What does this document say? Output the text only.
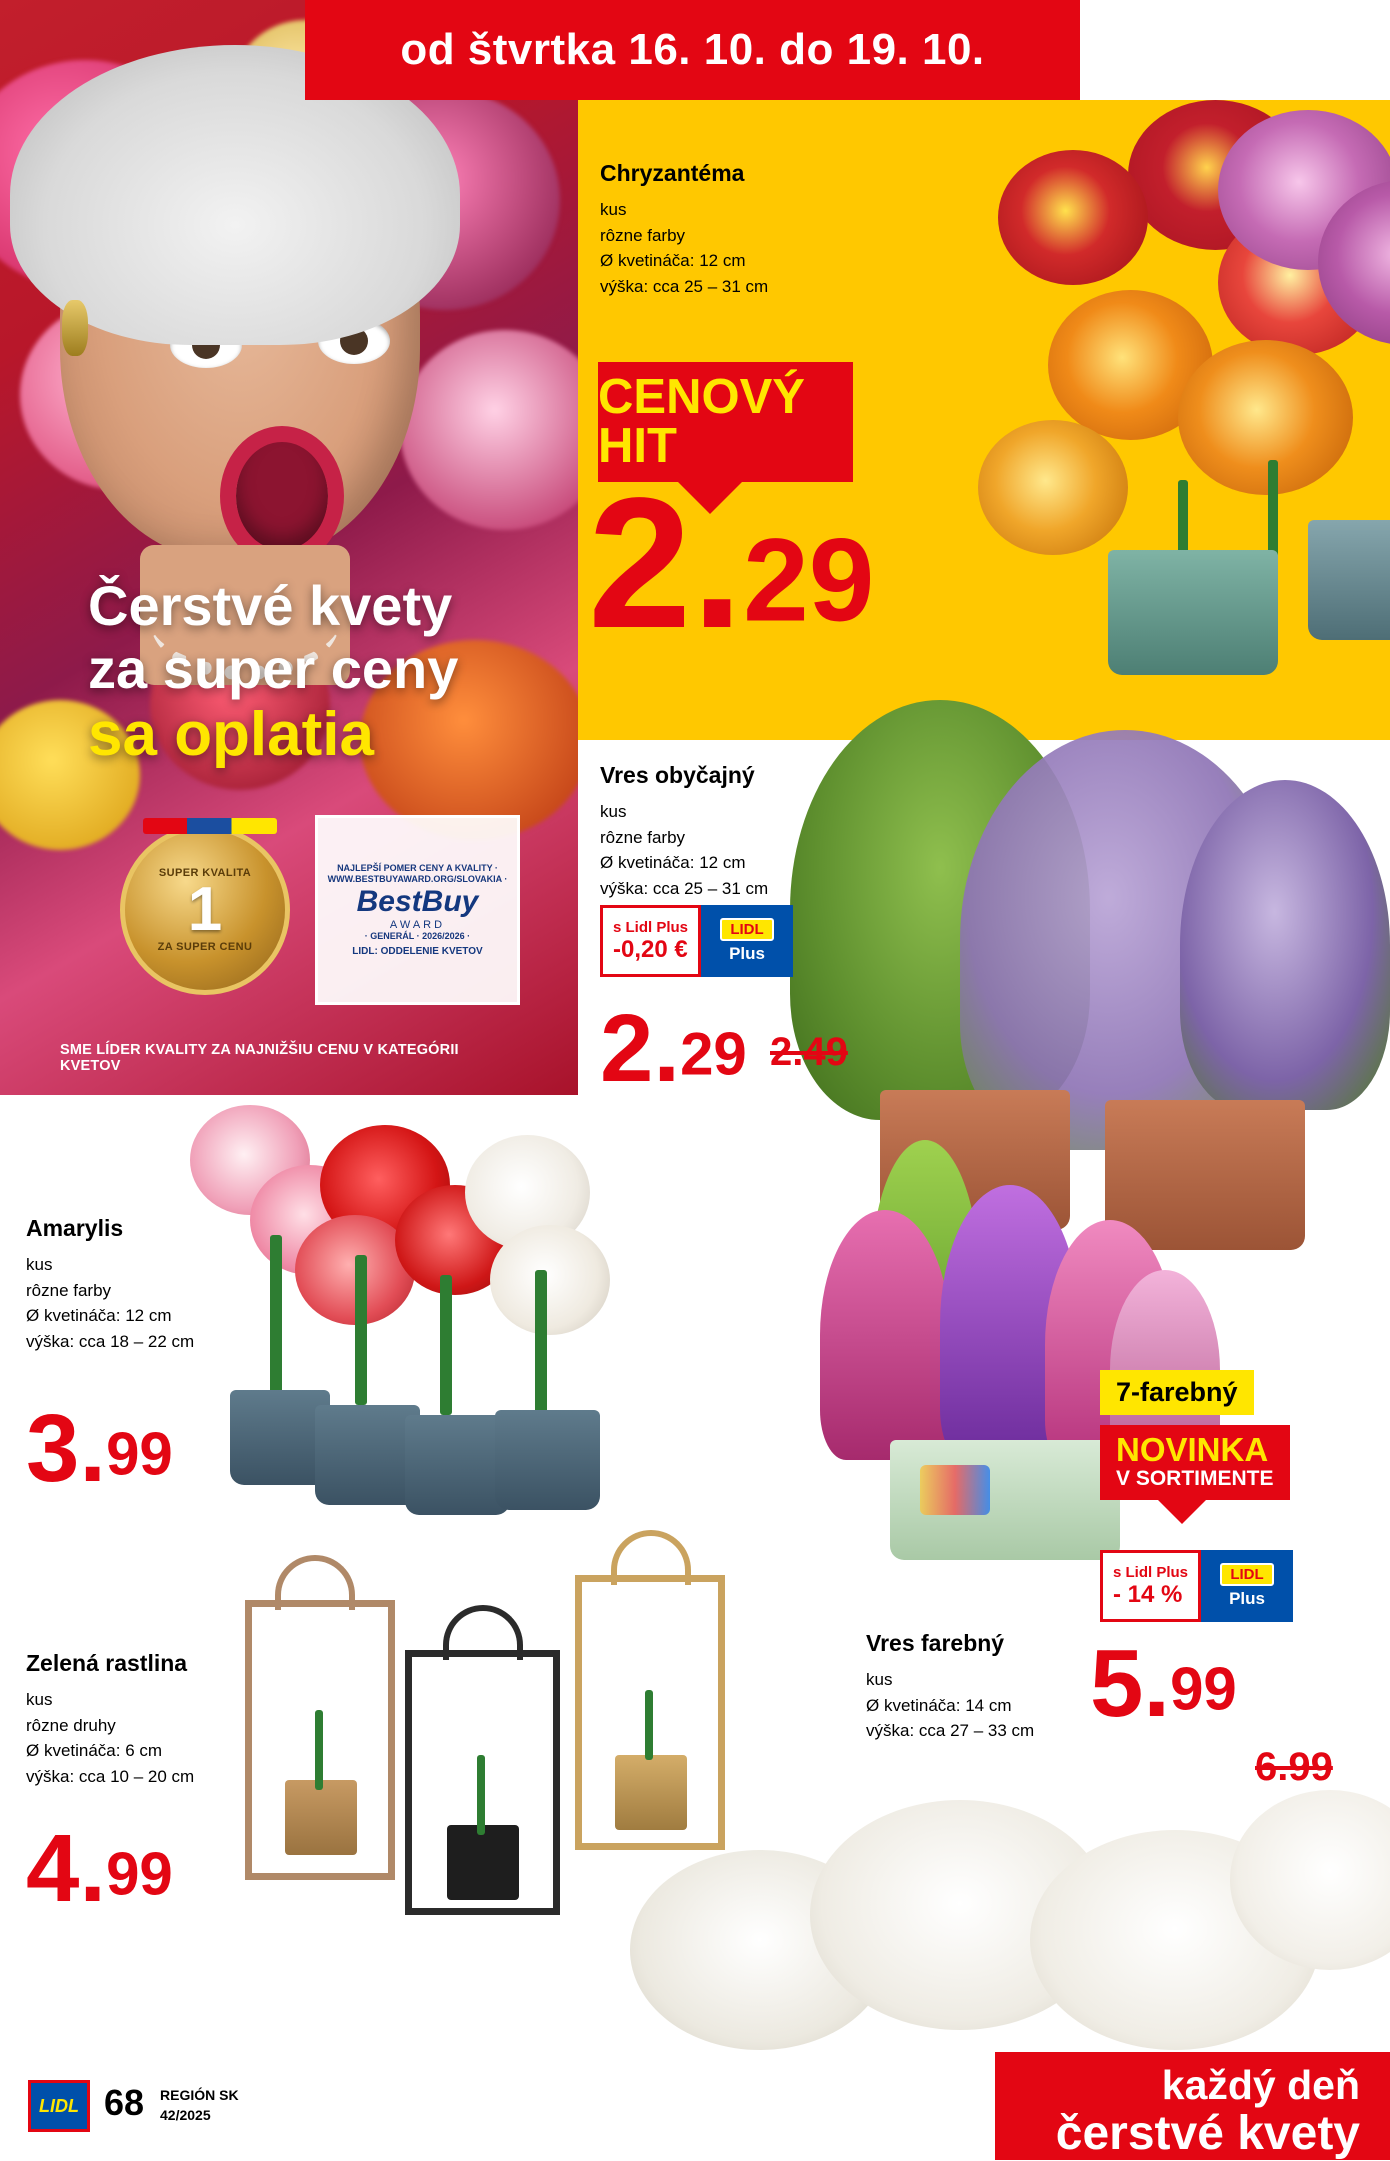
od štvrtka 16. 10. do 19. 10.
Čerstvé kvety
za super ceny
sa oplatia
SUPER KVALITA
1
ZA SUPER CENU
NAJLEPŠÍ POMER CENY A KVALITY · WWW.BESTBUYAWARD.ORG/SLOVAKIA ·
BestBuy
AWARD
· GENERÁL · 2026/2026 ·
LIDL: ODDELENIE KVETOV
SME LÍDER KVALITY ZA NAJNIŽŠIU CENU V KATEGÓRII KVETOV
Chryzantéma

kus

rôzne farby

Ø kvetináča: 12 cm

výška: cca 25 – 31 cm

CENOVÝ HIT
2.29
Vres obyčajný

kus

rôzne farby

Ø kvetináča: 12 cm

výška: cca 25 – 31 cm

s Lidl Plus
-0,20 €
LIDL
Plus
2.29 2.49
Amarylis

kus

rôzne farby

Ø kvetináča: 12 cm

výška: cca 18 – 22 cm

3.99
Zelená rastlina

kus

rôzne druhy

Ø kvetináča: 6 cm

výška: cca 10 – 20 cm

4.99
7-farebný
NOVINKA
V SORTIMENTE
s Lidl Plus
- 14 %
LIDL
Plus
Vres farebný

kus

Ø kvetináča: 14 cm

výška: cca 27 – 33 cm 5.99
6.99
LIDL 68 REGIÓN SK
42/2025
každý deň
čerstvé kvety
